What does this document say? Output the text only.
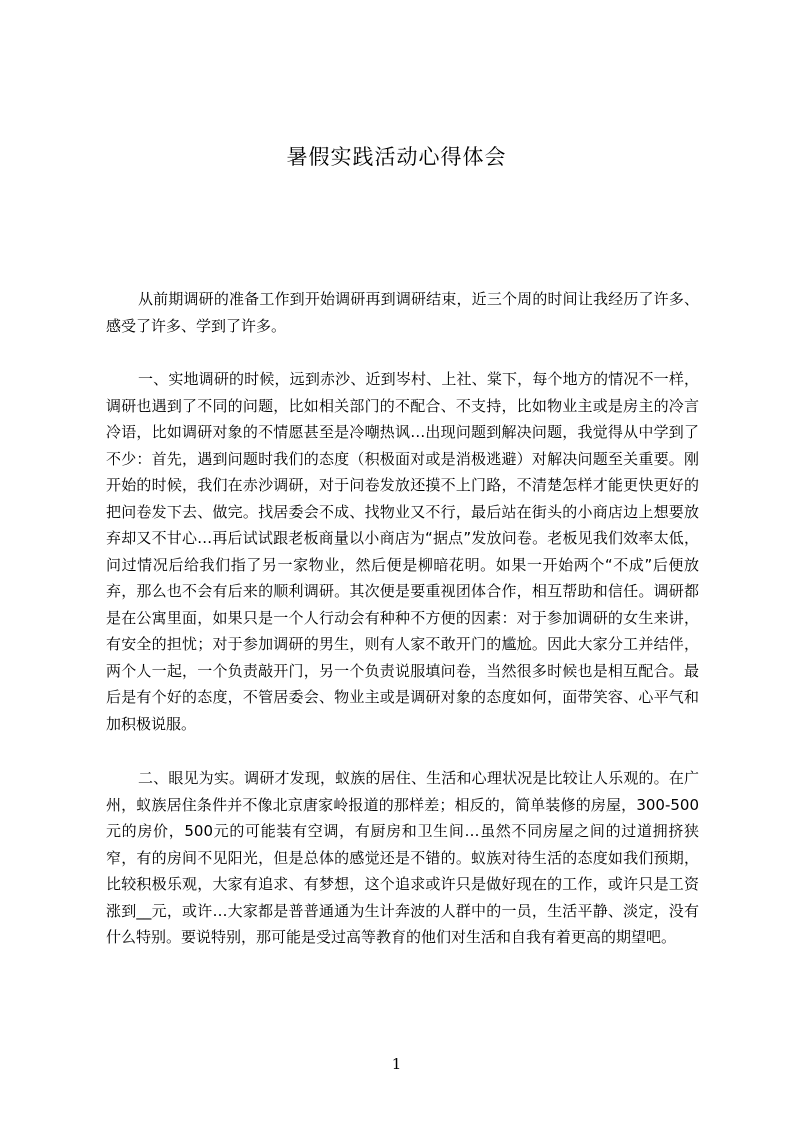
暑假实践活动心得体会

从前期调研的准备工作到开始调研再到调研结束，近三个周的时间让我经历了许多、感受了许多、学到了许多。

一、实地调研的时候，远到赤沙、近到岑村、上社、棠下，每个地方的情况不一样，调研也遇到了不同的问题，比如相关部门的不配合、不支持，比如物业主或是房主的冷言冷语，比如调研对象的不情愿甚至是冷嘲热讽…出现问题到解决问题，我觉得从中学到了不少：首先，遇到问题时我们的态度（积极面对或是消极逃避）对解决问题至关重要。刚开始的时候，我们在赤沙调研，对于问卷发放还摸不上门路，不清楚怎样才能更快更好的把问卷发下去、做完。找居委会不成、找物业又不行，最后站在街头的小商店边上想要放弃却又不甘心…再后试试跟老板商量以小商店为“据点”发放问卷。老板见我们效率太低，问过情况后给我们指了另一家物业，然后便是柳暗花明。如果一开始两个“不成”后便放弃，那么也不会有后来的顺利调研。其次便是要重视团体合作，相互帮助和信任。调研都是在公寓里面，如果只是一个人行动会有种种不方便的因素：对于参加调研的女生来讲，有安全的担忧；对于参加调研的男生，则有人家不敢开门的尴尬。因此大家分工并结伴，两个人一起，一个负责敲开门，另一个负责说服填问卷，当然很多时候也是相互配合。最后是有个好的态度，不管居委会、物业主或是调研对象的态度如何，面带笑容、心平气和加积极说服。

二、眼见为实。调研才发现，蚁族的居住、生活和心理状况是比较让人乐观的。在广州，蚁族居住条件并不像北京唐家岭报道的那样差；相反的，简单装修的房屋，300-500元的房价，500元的可能装有空调，有厨房和卫生间…虽然不同房屋之间的过道拥挤狭窄，有的房间不见阳光，但是总体的感觉还是不错的。蚁族对待生活的态度如我们预期，比较积极乐观，大家有追求、有梦想，这个追求或许只是做好现在的工作，或许只是工资涨到__元，或许…大家都是普普通通为生计奔波的人群中的一员，生活平静、淡定，没有什么特别。要说特别，那可能是受过高等教育的他们对生活和自我有着更高的期望吧。

1
